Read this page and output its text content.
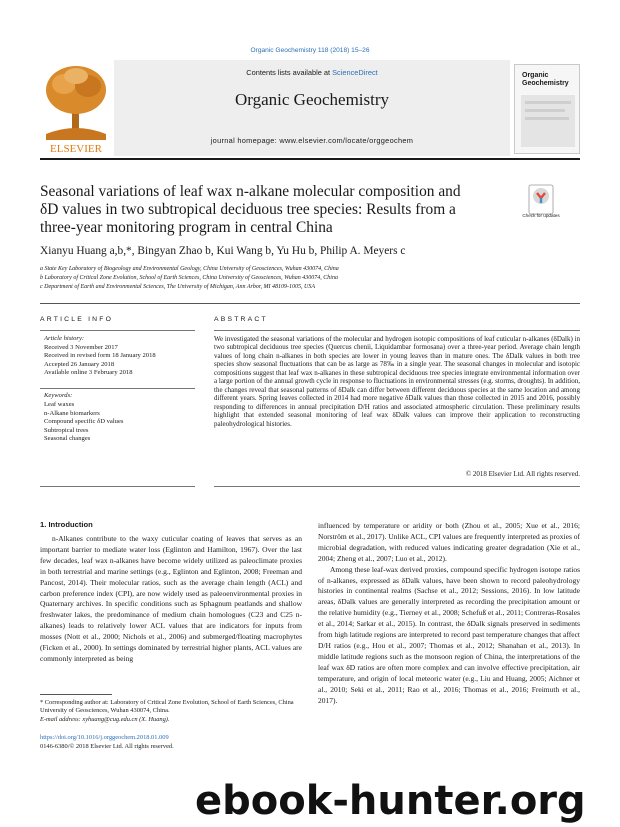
Organic Geochemistry 118 (2018) 15–26
ELSEVIER
Contents lists available at ScienceDirect
Organic Geochemistry
journal homepage: www.elsevier.com/locate/orggeochem
Organic Geochemistry
Seasonal variations of leaf wax n-alkane molecular composition and
δD values in two subtropical deciduous tree species: Results from a
three-year monitoring program in central China
Check for updates
Xianyu Huang a,b,*, Bingyan Zhao b, Kui Wang b, Yu Hu b, Philip A. Meyers c
a State Key Laboratory of Biogeology and Environmental Geology, China University of Geosciences, Wuhan 430074, China
b Laboratory of Critical Zone Evolution, School of Earth Sciences, China University of Geosciences, Wuhan 430074, China
c Department of Earth and Environmental Sciences, The University of Michigan, Ann Arbor, MI 48109-1005, USA
ARTICLE INFO	ABSTRACT
Article history:
Received 3 November 2017
Received in revised form 18 January 2018
Accepted 26 January 2018
Available online 3 February 2018
Keywords:
Leaf waxes
n-Alkane biomarkers
Compound specific δD values
Subtropical trees
Seasonal changes
We investigated the seasonal variations of the molecular and hydrogen isotopic compositions of leaf cuticular n-alkanes (δDalk) in two subtropical deciduous tree species (Quercus chenii, Liquidambar formosana) over a three-year period. Average chain length values of long chain n-alkanes in both species are lower in young leaves than in mature ones. The δDalk values in both tree species show seasonal fluctuations that can be as large as 78‰ in a single year. The seasonal changes in molecular and isotopic compositions suggest that leaf wax n-alkanes in these subtropical deciduous tree species integrate environmental information over a large portion of the annual growth cycle in response to fluctuations in environmental stresses (e.g. storms, droughts). In addition, the changes reveal that seasonal patterns of δDalk can differ between different deciduous species at the same location and among different years. Spring leaves collected in 2014 had more negative δDalk values than those collected in 2015 and 2016, possibly responding to differences in annual precipitation D/H ratios and associated atmospheric circulation. These preliminary results highlight that extended seasonal monitoring of leaf wax δDalk values can improve their application to reconstructing paleohydrological histories.
© 2018 Elsevier Ltd. All rights reserved.
1. Introduction

n-Alkanes contribute to the waxy cuticular coating of leaves that serves as an important barrier to mediate water loss (Eglinton and Hamilton, 1967). Over the last few decades, leaf wax n-alkanes have become widely utilized as paleoclimate proxies in both terrestrial and marine settings (e.g., Eglinton and Eglinton, 2008; Freeman and Pancost, 2014). Their molecular ratios, such as the average chain length (ACL) and carbon preference index (CPI), are now widely used as paleoenvironmental proxies in Quaternary archives. In specific conditions such as Sphagnum peatlands and shallow freshwater lakes, the predominance of medium chain homologues (C23 and C25 n-alkanes) leads to relatively lower ACL values that are indicators for inputs from mosses (Nott et al., 2000; Nichols et al., 2006) and submerged/floating macrophytes (Ficken et al., 2000). In settings dominated by terrestrial higher plants, ACL values are commonly interpreted as being

influenced by temperature or aridity or both (Zhou et al., 2005; Xue et al., 2016; Norström et al., 2017). Unlike ACL, CPI values are frequently interpreted as proxies of microbial degradation, with reduced values indicating greater degradation (Xie et al., 2004; Zheng et al., 2007; Luo et al., 2012).

Among these leaf-wax derived proxies, compound specific hydrogen isotope ratios of n-alkanes, expressed as δDalk values, have been shown to record paleohydrology histories in continental realms (Sachse et al., 2012; Sessions, 2016). In low latitude areas, δDalk values are generally interpreted as recording the precipitation amount or the relative humidity (e.g., Tierney et al., 2008; Schefuß et al., 2011; Contreras-Rosales et al., 2014; Sarkar et al., 2015). In contrast, the δDalk signals preserved in sediments from high latitude regions are interpreted to record past temperature changes that affect D/H ratios (e.g., Hou et al., 2007; Thomas et al., 2012; Shanahan et al., 2013). In middle latitude regions such as the monsoon region of China, the interpretations of the leaf wax δD ratios are often more complex and can involve effective precipitation, air temperature, and origin of local meteoric water (e.g., Liu and Huang, 2005; Aichner et al., 2010; Seki et al., 2011; Rao et al., 2016; Thomas et al., 2016; Freimuth et al., 2017).

* Corresponding author at: Laboratory of Critical Zone Evolution, School of Earth Sciences, China University of Geosciences, Wuhan 430074, China.
E-mail address: xyhuang@cug.edu.cn (X. Huang).
https://doi.org/10.1016/j.orggeochem.2018.01.009
0146-6380/© 2018 Elsevier Ltd. All rights reserved.
ebook-hunter.org
